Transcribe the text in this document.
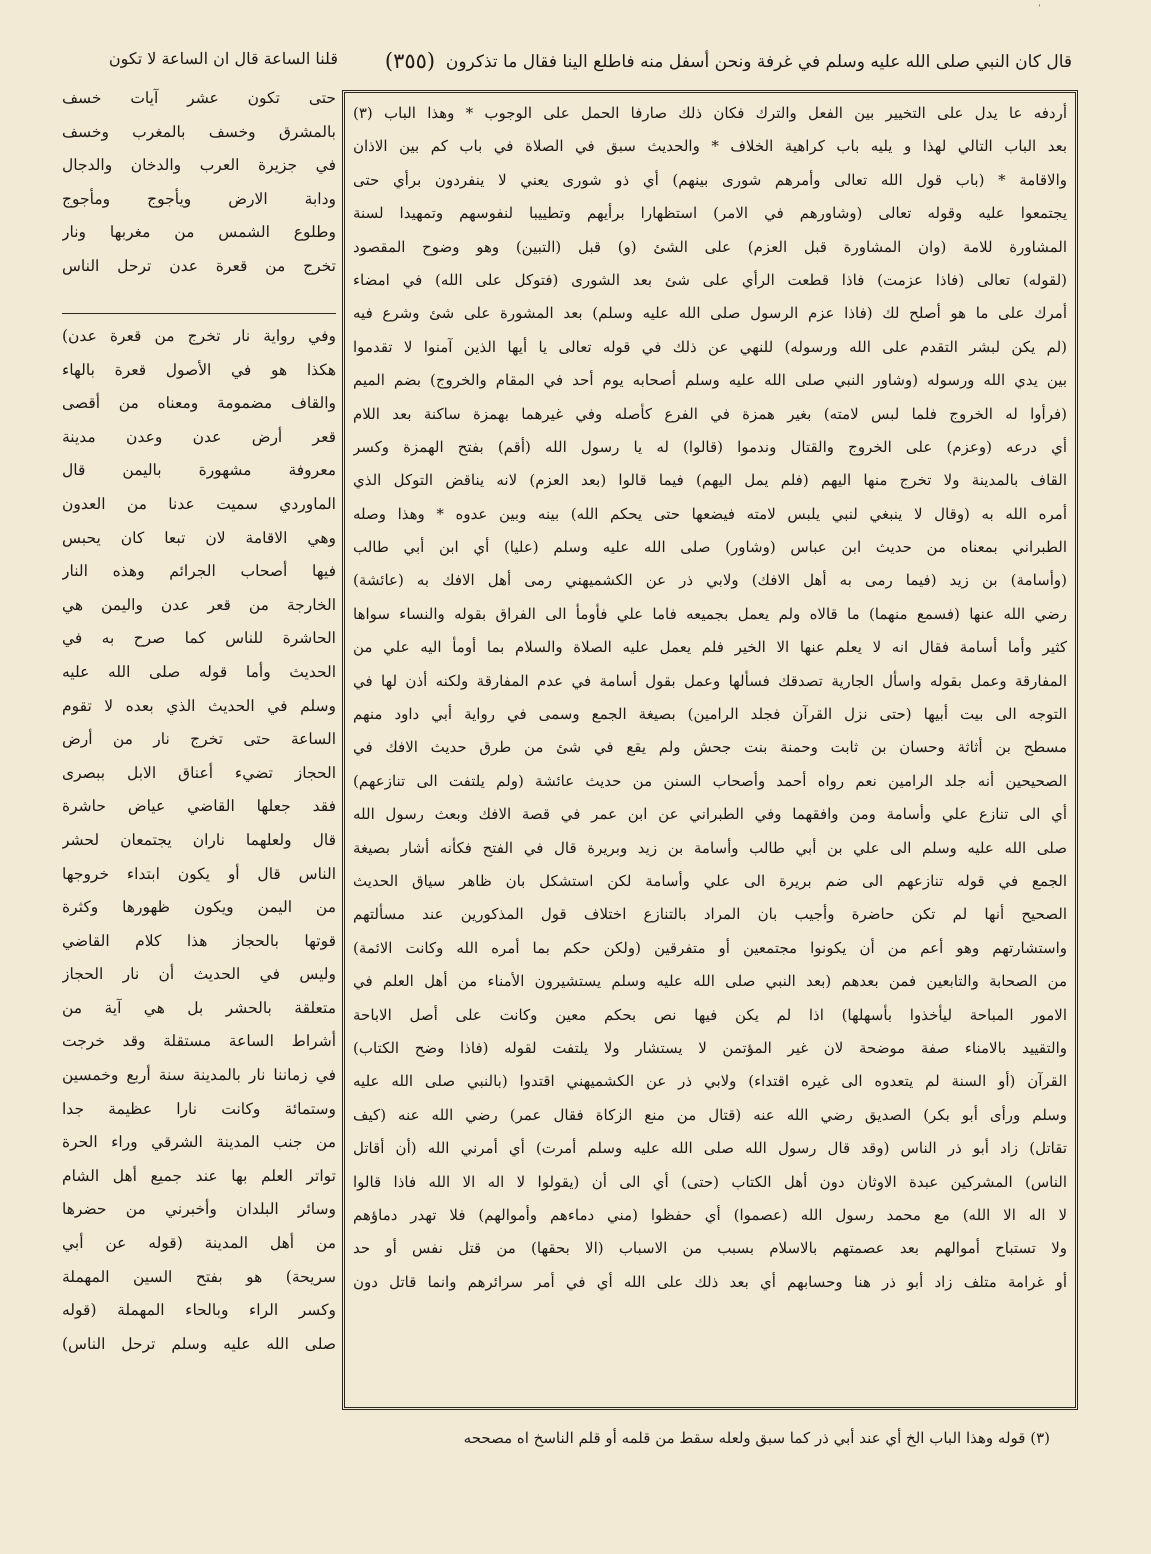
٬
قال كان النبي صلى الله عليه وسلم في غرفة ونحن أسفل منه فاطلع الينا فقال ما تذكرون
(٣٥٥)
قلنا الساعة قال ان الساعة لا تكون
أردفه عا يدل على التخيير بين الفعل والترك فكان ذلك صارفا الحمل على الوجوب * وهذا الباب (٣)
بعد الباب التالي لهذا و يليه باب كراهية الخلاف * والحديث سبق في الصلاة في باب كم بين الاذان
والاقامة * (باب قول الله تعالى وأمرهم شورى بينهم) أي ذو شورى يعني لا ينفردون برأي حتى
يجتمعوا عليه وقوله تعالى (وشاورهم في الامر) استظهارا برأيهم وتطييبا لنفوسهم وتمهيدا لسنة
المشاورة للامة (وان المشاورة قبل العزم) على الشئ (و) قبل (التبين) وهو وضوح المقصود
(لقوله) تعالى (فاذا عزمت) فاذا قطعت الرأي على شئ بعد الشورى (فتوكل على الله) في امضاء
أمرك على ما هو أصلح لك (فاذا عزم الرسول صلى الله عليه وسلم) بعد المشورة على شئ وشرع فيه
(لم يكن لبشر التقدم على الله ورسوله) للنهي عن ذلك في قوله تعالى يا أيها الذين آمنوا لا تقدموا
بين يدي الله ورسوله (وشاور النبي صلى الله عليه وسلم أصحابه يوم أحد في المقام والخروج) بضم الميم
(فرأوا له الخروج فلما لبس لامته) بغير همزة في الفرع كأصله وفي غيرهما بهمزة ساكنة بعد اللام
أي درعه (وعزم) على الخروج والقتال وندموا (قالوا) له يا رسول الله (أقم) بفتح الهمزة وكسر
القاف بالمدينة ولا تخرج منها اليهم (فلم يمل اليهم) فيما قالوا (بعد العزم) لانه يناقض التوكل الذي
أمره الله به (وقال لا ينبغي لنبي يلبس لامته فيضعها حتى يحكم الله) بينه وبين عدوه * وهذا وصله
الطبراني بمعناه من حديث ابن عباس (وشاور) صلى الله عليه وسلم (عليا) أي ابن أبي طالب
(وأسامة) بن زيد (فيما رمى به أهل الافك) ولابي ذر عن الكشميهني رمى أهل الافك به (عائشة)
رضي الله عنها (فسمع منهما) ما قالاه ولم يعمل بجميعه فاما علي فأومأ الى الفراق بقوله والنساء سواها
كثير وأما أسامة فقال انه لا يعلم عنها الا الخير فلم يعمل عليه الصلاة والسلام بما أومأ اليه علي من
المفارقة وعمل بقوله واسأل الجارية تصدقك فسألها وعمل بقول أسامة في عدم المفارقة ولكنه أذن لها في
التوجه الى بيت أبيها (حتى نزل القرآن فجلد الرامين) بصيغة الجمع وسمى في رواية أبي داود منهم
مسطح بن أثاثة وحسان بن ثابت وحمنة بنت جحش ولم يقع في شئ من طرق حديث الافك في
الصحيحين أنه جلد الرامين نعم رواه أحمد وأصحاب السنن من حديث عائشة (ولم يلتفت الى تنازعهم)
أي الى تنازع علي وأسامة ومن وافقهما وفي الطبراني عن ابن عمر في قصة الافك وبعث رسول الله
صلى الله عليه وسلم الى علي بن أبي طالب وأسامة بن زيد وبريرة قال في الفتح فكأنه أشار بصيغة
الجمع في قوله تنازعهم الى ضم بريرة الى علي وأسامة لكن استشكل بان ظاهر سياق الحديث
الصحيح أنها لم تكن حاضرة وأجيب بان المراد بالتنازع اختلاف قول المذكورين عند مسألتهم
واستشارتهم وهو أعم من أن يكونوا مجتمعين أو متفرقين (ولكن حكم بما أمره الله وكانت الائمة)
من الصحابة والتابعين فمن بعدهم (بعد النبي صلى الله عليه وسلم يستشيرون الأمناء من أهل العلم في
الامور المباحة ليأخذوا بأسهلها) اذا لم يكن فيها نص بحكم معين وكانت على أصل الاباحة
والتقييد بالامناء صفة موضحة لان غير المؤتمن لا يستشار ولا يلتفت لقوله (فاذا وضح الكتاب)
القرآن (أو السنة لم يتعدوه الى غيره اقتداء) ولابي ذر عن الكشميهني اقتدوا (بالنبي صلى الله عليه
وسلم ورأى أبو بكر) الصديق رضي الله عنه (قتال من منع الزكاة فقال عمر) رضي الله عنه (كيف
تقاتل) زاد أبو ذر الناس (وقد قال رسول الله صلى الله عليه وسلم أمرت) أي أمرني الله (أن أقاتل
الناس) المشركين عبدة الاوثان دون أهل الكتاب (حتى) أي الى أن (يقولوا لا اله الا الله فاذا قالوا
لا اله الا الله) مع محمد رسول الله (عصموا) أي حفظوا (مني دماءهم وأموالهم) فلا تهدر دماؤهم
ولا تستباح أموالهم بعد عصمتهم بالاسلام بسبب من الاسباب (الا بحقها) من قتل نفس أو حد
أو غرامة متلف زاد أبو ذر هنا وحسابهم أي بعد ذلك على الله أي في أمر سرائرهم وانما قاتل دون
حتى تكون عشر آيات خسف
بالمشرق وخسف بالمغرب وخسف
في جزيرة العرب والدخان والدجال
ودابة الارض ويأجوج ومأجوج
وطلوع الشمس من مغربها ونار
تخرج من قعرة عدن ترحل الناس
وفي رواية نار تخرج من قعرة عدن)
هكذا هو في الأصول قعرة بالهاء
والقاف مضمومة ومعناه من أقصى
قعر أرض عدن وعدن مدينة
معروفة مشهورة باليمن قال
الماوردي سميت عدنا من العدون
وهي الاقامة لان تبعا كان يحبس
فيها أصحاب الجرائم وهذه النار
الخارجة من قعر عدن واليمن هي
الحاشرة للناس كما صرح به في
الحديث وأما قوله صلى الله عليه
وسلم في الحديث الذي بعده لا تقوم
الساعة حتى تخرج نار من أرض
الحجاز تضيء أعناق الابل ببصرى
فقد جعلها القاضي عياض حاشرة
قال ولعلهما ناران يجتمعان لحشر
الناس قال أو يكون ابتداء خروجها
من اليمن ويكون ظهورها وكثرة
قوتها بالحجاز هذا كلام القاضي
وليس في الحديث أن نار الحجاز
متعلقة بالحشر بل هي آية من
أشراط الساعة مستقلة وقد خرجت
في زماننا نار بالمدينة سنة أربع وخمسين
وستمائة وكانت نارا عظيمة جدا
من جنب المدينة الشرقي وراء الحرة
تواتر العلم بها عند جميع أهل الشام
وسائر البلدان وأخبرني من حضرها
من أهل المدينة (قوله عن أبي
سريحة) هو بفتح السين المهملة
وكسر الراء وبالحاء المهملة (قوله
صلى الله عليه وسلم ترحل الناس)
(٣) قوله وهذا الباب الخ أي عند أبي ذر كما سبق ولعله سقط من قلمه أو قلم الناسخ اه مصححه
